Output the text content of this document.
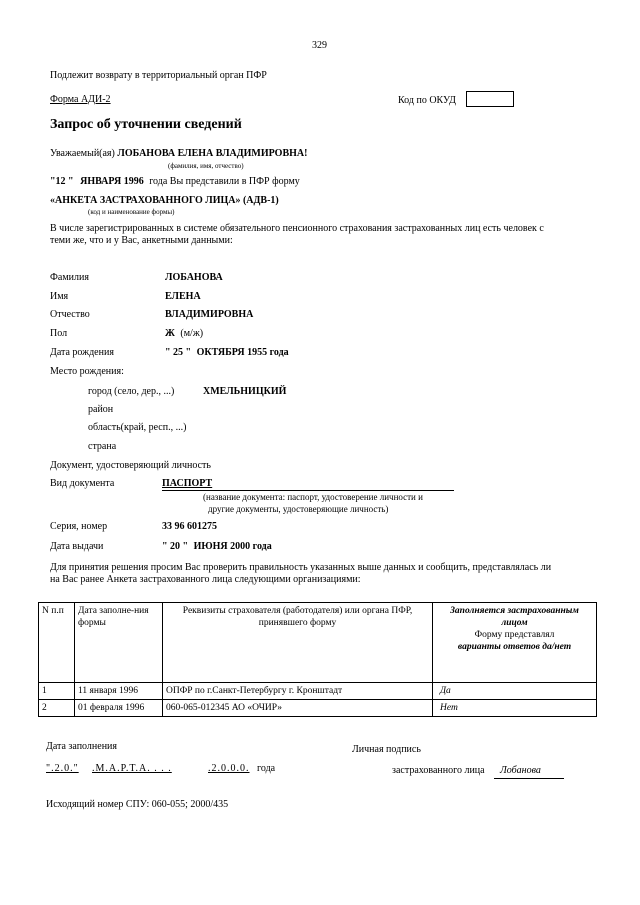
329
Подлежит возврату в территориальный орган ПФР
Форма АДИ-2	Код по ОКУД
Запрос об уточнении сведений
Уважаемый(ая) ЛОБАНОВА ЕЛЕНА ВЛАДИМИРОВНА!
(фамилия, имя, отчество)
"12 " ЯНВАРЯ 1996 года Вы представили в ПФР форму
«АНКЕТА ЗАСТРАХОВАННОГО ЛИЦА» (АДВ-1)
(код и наименование формы)
В числе зарегистрированных в системе обязательного пенсионного страхования застрахованных лиц есть человек с
теми же, что и у Вас, анкетными данными:
Фамилия	ЛОБАНОВА
Имя	ЕЛЕНА
Отчество	ВЛАДИМИРОВНА
Пол	Ж (м/ж)
Дата рождения	" 25 " ОКТЯБРЯ 1955 года
Место рождения:
город (село, дер., ...)	ХМЕЛЬНИЦКИЙ
район
область(край, респ., ...)
страна
Документ, удостоверяющий личность
Вид документа	ПАСПОРТ
(название документа: паспорт, удостоверение личности и
другие документы, удостоверяющие личность)
Серия, номер	33 96 601275
Дата выдачи	" 20 " ИЮНЯ 2000 года
Для принятия решения просим Вас проверить правильность указанных выше данных и сообщить, представлялась ли
на Вас ранее Анкета застрахованного лица следующими организациями:
N п.п	Дата заполне-ния формы	Реквизиты страхователя (работодателя) или органа ПФР, принявшего форму	Заполняется застрахованным лицом
Форму представлял
варианты ответов да/нет

1	11 января 1996	ОПФР по г.Санкт-Петербургу г. Кронштадт	Да
2	01 февраля 1996	060-065-012345 АО «ОЧИР»	Нет
Дата заполнения
".2.0." .М.А.Р.Т.А. . . .	.2.0.0.0. года
Личная подпись
застрахованного лица Лобанова
Исходящий номер СПУ: 060-055; 2000/435
